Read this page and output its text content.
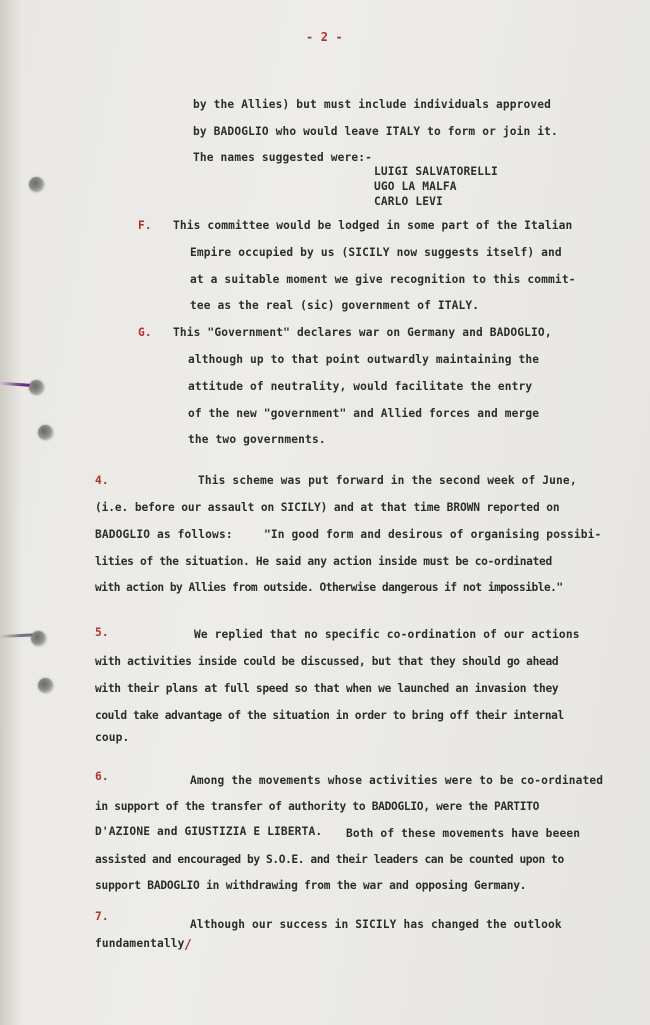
- 2 -

by the Allies) but must include individuals approved

by BADOGLIO who would leave ITALY to form or join it.

The names suggested were:-

LUIGI SALVATORELLI

UGO LA MALFA

CARLO LEVI

F. This committee would be lodged in some part of the Italian

Empire occupied by us (SICILY now suggests itself) and

at a suitable moment we give recognition to this commit-

tee as the real (sic) government of ITALY.

G. This "Government" declares war on Germany and BADOGLIO,

although up to that point outwardly maintaining the

attitude of neutrality, would facilitate the entry

of the new "government" and Allied forces and merge

the two governments.

4.	This scheme was put forward in the second week of June,

(i.e. before our assault on SICILY) and at that time BROWN reported on

BADOGLIO as follows:	"In good form and desirous of organising possibi-

lities of the situation. He said any action inside must be co-ordinated

with action by Allies from outside. Otherwise dangerous if not impossible."

5.	We replied that no specific co-ordination of our actions

with activities inside could be discussed, but that they should go ahead

with their plans at full speed so that when we launched an invasion they

could take advantage of the situation in order to bring off their internal

coup.

6.	Among the movements whose activities were to be co-ordinated

in support of the transfer of authority to BADOGLIO, were the PARTITO

D'AZIONE and GIUSTIZIA E LIBERTA. Both of these movements have beeen

assisted and encouraged by S.O.E. and their leaders can be counted upon to

support BADOGLIO in withdrawing from the war and opposing Germany.

7.

Although our success in SICILY has changed the outlook

fundamentally /
